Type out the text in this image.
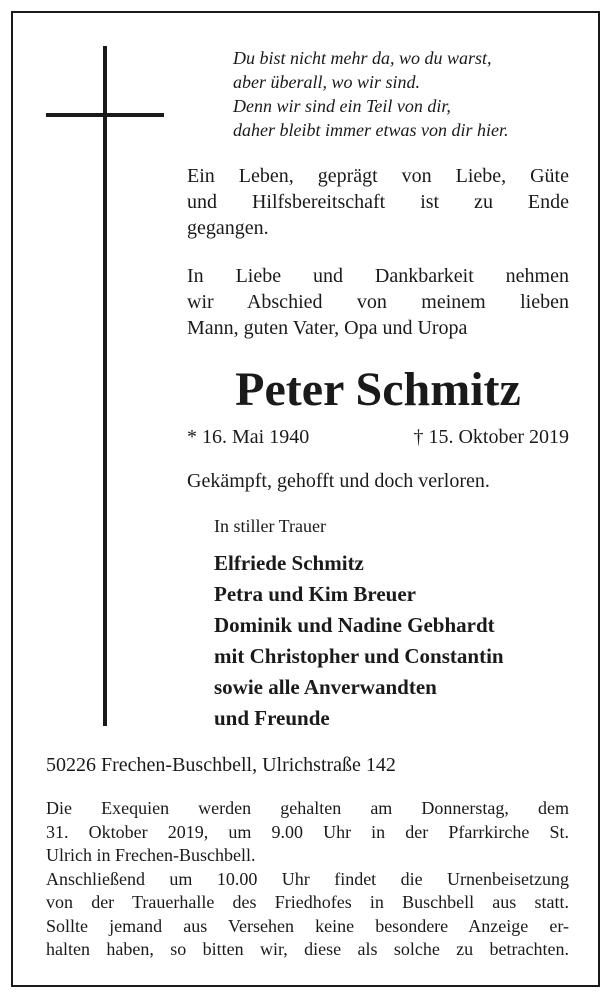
Du bist nicht mehr da, wo du warst,
aber überall, wo wir sind.
Denn wir sind ein Teil von dir,
daher bleibt immer etwas von dir hier.
Ein Leben, geprägt von Liebe, Güte
und Hilfsbereitschaft ist zu Ende
gegangen.
In Liebe und Dankbarkeit nehmen
wir Abschied von meinem lieben
Mann, guten Vater, Opa und Uropa
Peter Schmitz
* 16. Mai 1940	† 15. Oktober 2019
Gekämpft, gehofft und doch verloren.
In stiller Trauer
Elfriede Schmitz
Petra und Kim Breuer
Dominik und Nadine Gebhardt
mit Christopher und Constantin
sowie alle Anverwandten
und Freunde
50226 Frechen-Buschbell, Ulrichstraße 142
Die Exequien werden gehalten am Donnerstag, dem
31. Oktober 2019, um 9.00 Uhr in der Pfarrkirche St.
Ulrich in Frechen-Buschbell.
Anschließend um 10.00 Uhr findet die Urnenbeisetzung
von der Trauerhalle des Friedhofes in Buschbell aus statt.
Sollte jemand aus Versehen keine besondere Anzeige er-
halten haben, so bitten wir, diese als solche zu betrachten.
